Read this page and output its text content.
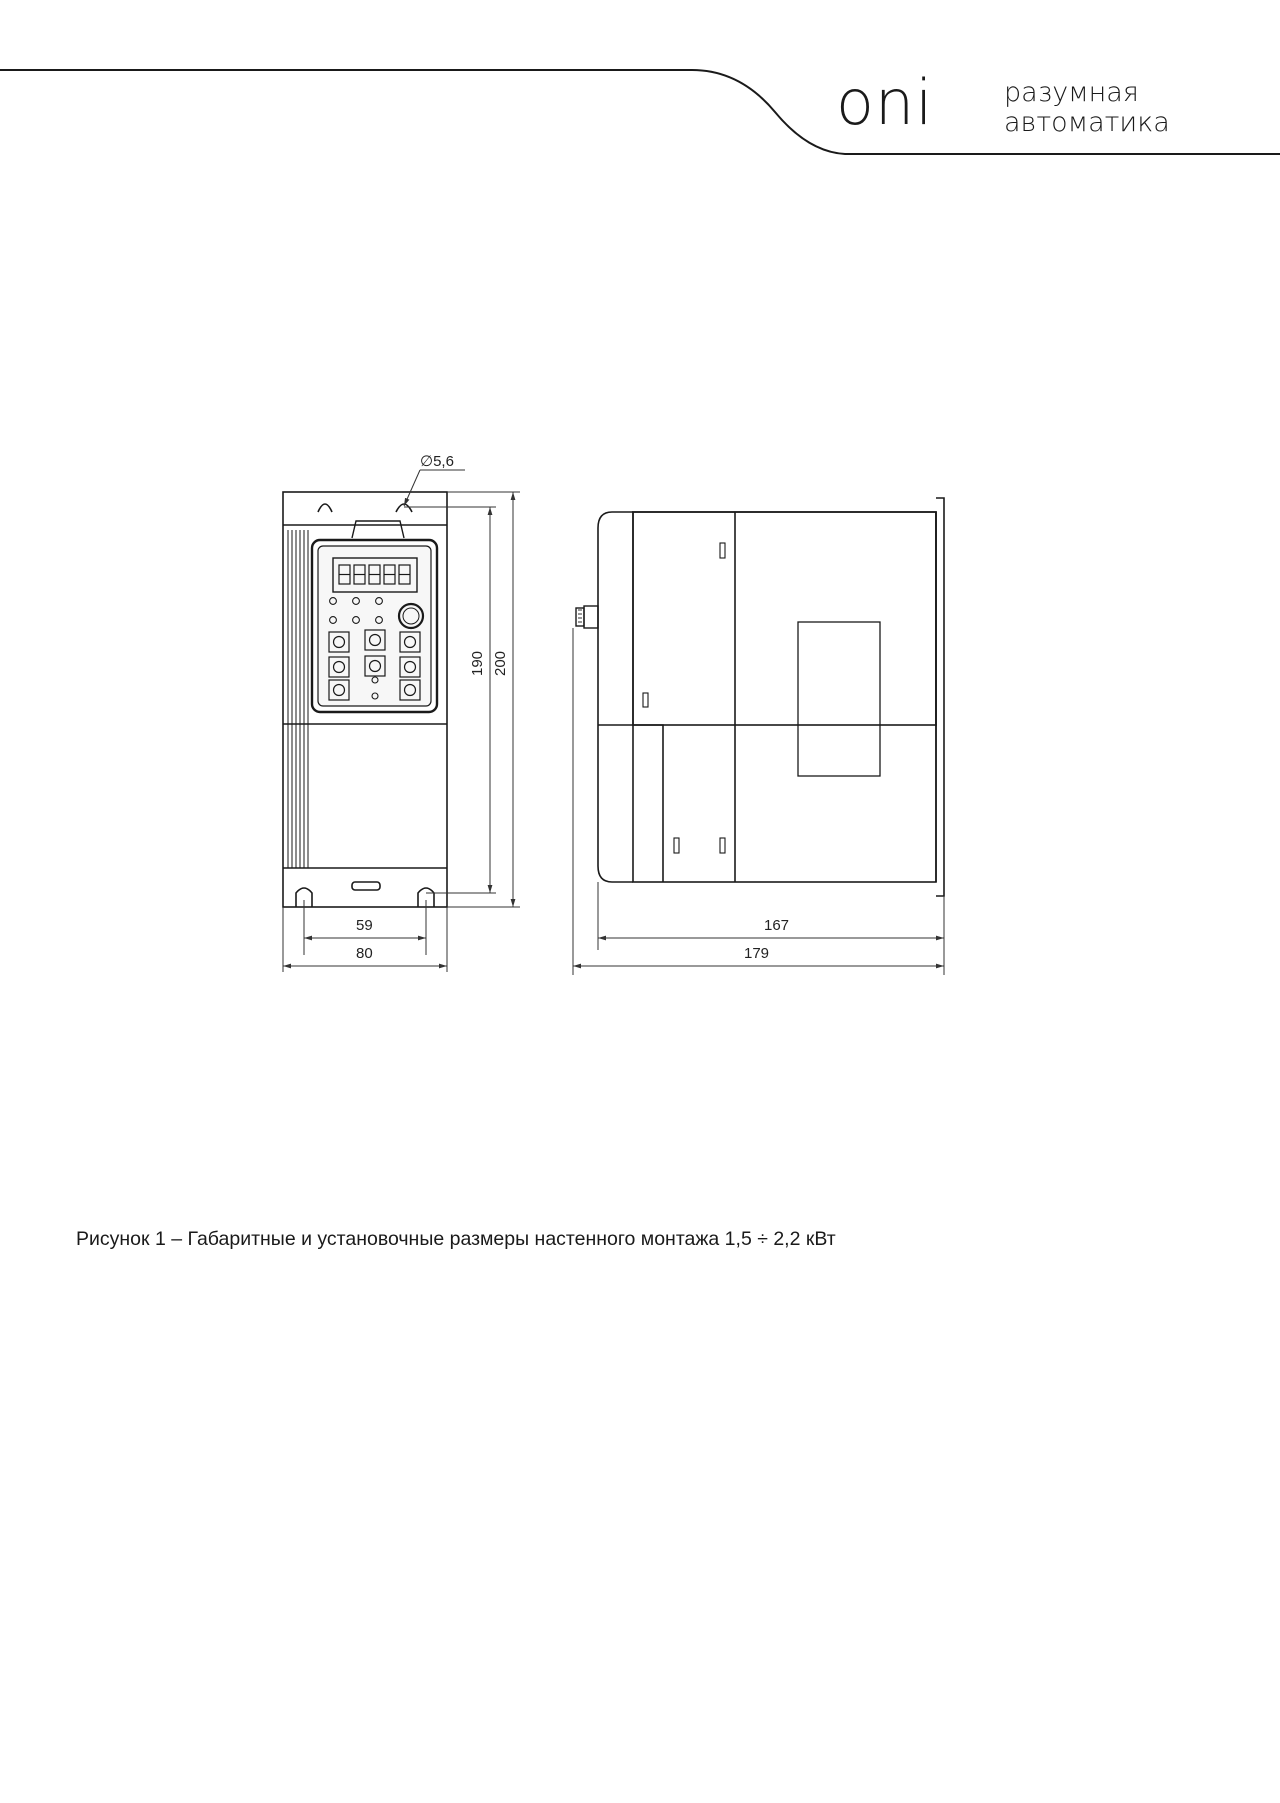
oni	разумная
автоматика
∅5,6
190 200
59
80
167
179
Рисунок 1 – Габаритные и установочные размеры настенного монтажа 1,5 ÷ 2,2 кВт
